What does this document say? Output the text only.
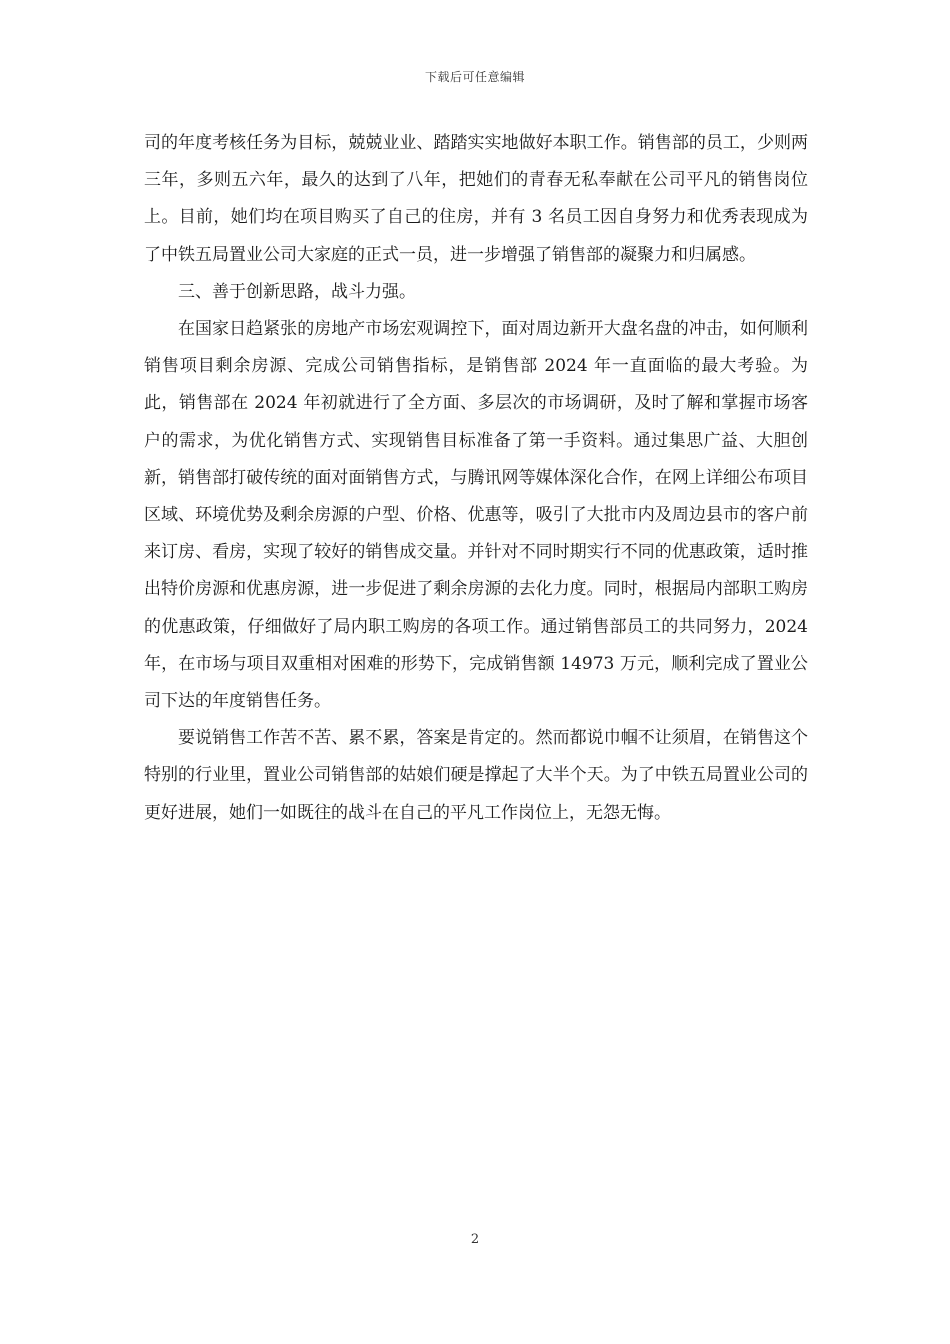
下载后可任意编辑

司的年度考核任务为目标，兢兢业业、踏踏实实地做好本职工作。销售部的员工，少则两三年，多则五六年，最久的达到了八年，把她们的青春无私奉献在公司平凡的销售岗位上。目前，她们均在项目购买了自己的住房，并有 3 名员工因自身努力和优秀表现成为了中铁五局置业公司大家庭的正式一员，进一步增强了销售部的凝聚力和归属感。

三、善于创新思路，战斗力强。

在国家日趋紧张的房地产市场宏观调控下，面对周边新开大盘名盘的冲击，如何顺利销售项目剩余房源、完成公司销售指标，是销售部 2024 年一直面临的最大考验。为此，销售部在 2024 年初就进行了全方面、多层次的市场调研，及时了解和掌握市场客户的需求，为优化销售方式、实现销售目标准备了第一手资料。通过集思广益、大胆创新，销售部打破传统的面对面销售方式，与腾讯网等媒体深化合作，在网上详细公布项目区域、环境优势及剩余房源的户型、价格、优惠等，吸引了大批市内及周边县市的客户前来订房、看房，实现了较好的销售成交量。并针对不同时期实行不同的优惠政策，适时推出特价房源和优惠房源，进一步促进了剩余房源的去化力度。同时，根据局内部职工购房的优惠政策，仔细做好了局内职工购房的各项工作。通过销售部员工的共同努力，2024 年，在市场与项目双重相对困难的形势下，完成销售额 14973 万元，顺利完成了置业公司下达的年度销售任务。

要说销售工作苦不苦、累不累，答案是肯定的。然而都说巾帼不让须眉，在销售这个特别的行业里，置业公司销售部的姑娘们硬是撑起了大半个天。为了中铁五局置业公司的更好进展，她们一如既往的战斗在自己的平凡工作岗位上，无怨无悔。

2
